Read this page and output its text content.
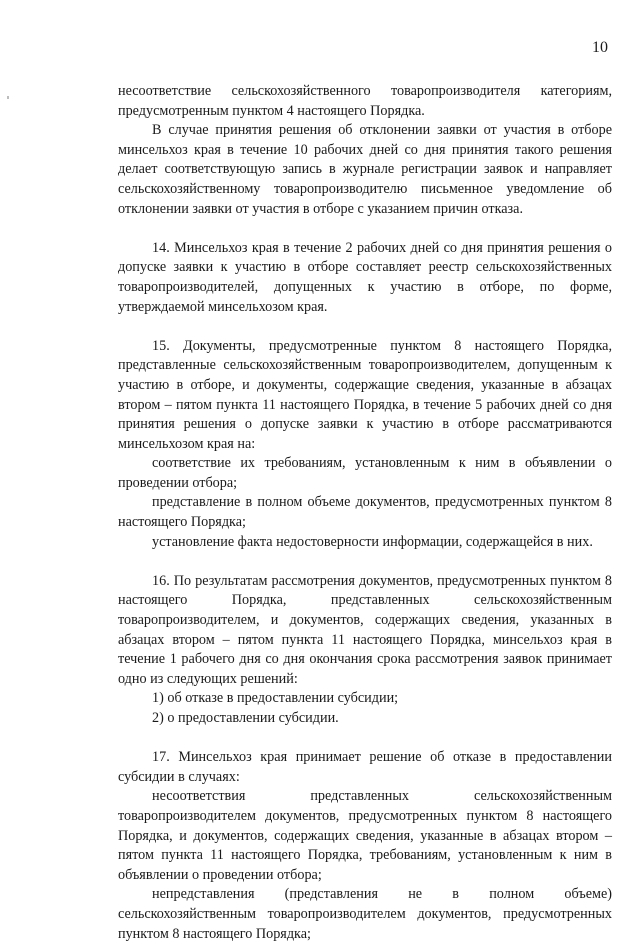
10

несоответствие сельскохозяйственного товаропроизводителя категориям, предусмотренным пунктом 4 настоящего Порядка.

В случае принятия решения об отклонении заявки от участия в отборе минсельхоз края в течение 10 рабочих дней со дня принятия такого решения делает соответствующую запись в журнале регистрации заявок и направляет сельскохозяйственному товаропроизводителю письменное уведомление об отклонении заявки от участия в отборе с указанием причин отказа.

14. Минсельхоз края в течение 2 рабочих дней со дня принятия решения о допуске заявки к участию в отборе составляет реестр сельскохозяйственных товаропроизводителей, допущенных к участию в отборе, по форме, утверждаемой минсельхозом края.

15. Документы, предусмотренные пунктом 8 настоящего Порядка, представленные сельскохозяйственным товаропроизводителем, допущенным к участию в отборе, и документы, содержащие сведения, указанные в абзацах втором – пятом пункта 11 настоящего Порядка, в течение 5 рабочих дней со дня принятия решения о допуске заявки к участию в отборе рассматриваются минсельхозом края на:

соответствие их требованиям, установленным к ним в объявлении о проведении отбора;

представление в полном объеме документов, предусмотренных пунктом 8 настоящего Порядка;

установление факта недостоверности информации, содержащейся в них.

16. По результатам рассмотрения документов, предусмотренных пунктом 8 настоящего Порядка, представленных сельскохозяйственным товаропроизводителем, и документов, содержащих сведения, указанных в абзацах втором – пятом пункта 11 настоящего Порядка, минсельхоз края в течение 1 рабочего дня со дня окончания срока рассмотрения заявок принимает одно из следующих решений:

1) об отказе в предоставлении субсидии;

2) о предоставлении субсидии.

17. Минсельхоз края принимает решение об отказе в предоставлении субсидии в случаях:

несоответствия представленных сельскохозяйственным товаропроизводителем документов, предусмотренных пунктом 8 настоящего Порядка, и документов, содержащих сведения, указанные в абзацах втором – пятом пункта 11 настоящего Порядка, требованиям, установленным к ним в объявлении о проведении отбора;

непредставления (представления не в полном объеме) сельскохозяйственным товаропроизводителем документов, предусмотренных пунктом 8 настоящего Порядка;
